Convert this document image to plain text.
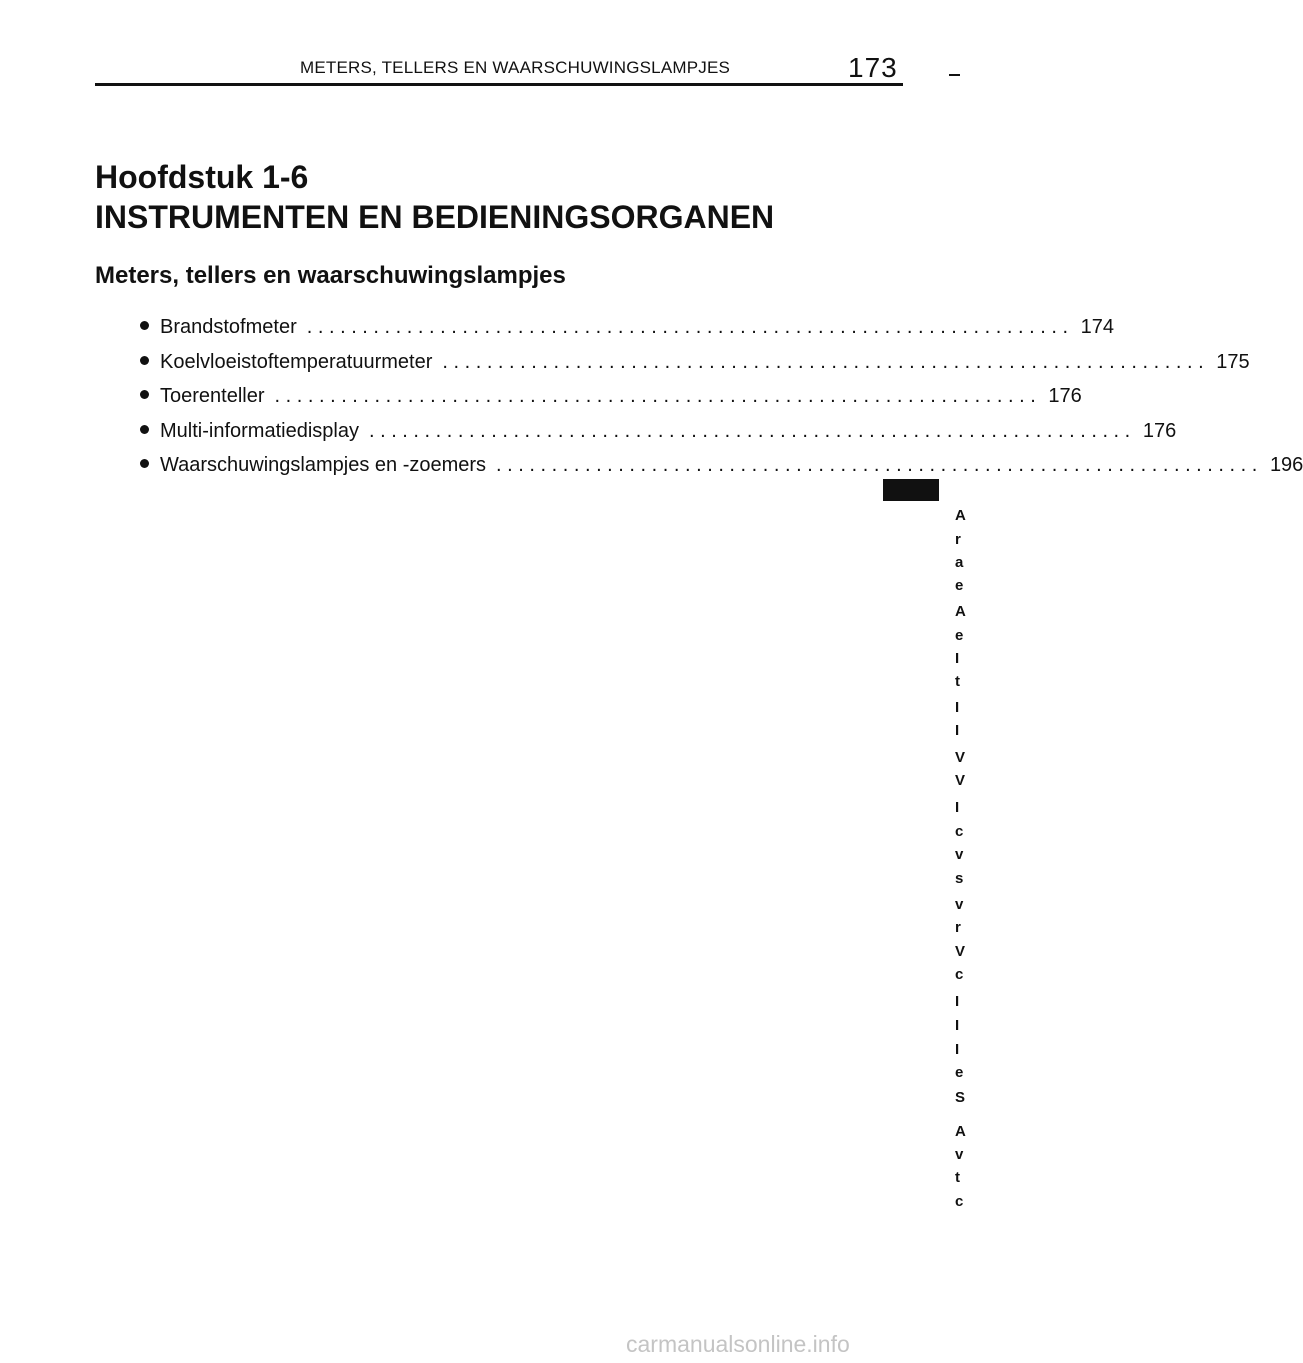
METERS, TELLERS EN WAARSCHUWINGSLAMPJES	173
Hoofdstuk 1-6
INSTRUMENTEN EN BEDIENINGSORGANEN
Meters, tellers en waarschuwingslampjes
Brandstofmeter . . .	174
Koelvloeistoftemperatuurmeter . . .	175
Toerenteller . . .	176
Multi-informatiedisplay . . .	176
Waarschuwingslampjes en -zoemers . . .	196
A
r
a
e
A
e
I
t
I
I
V
V
I
c
v
s
v
r
V
c
I
I
I
e
S
A
v
t
c
carmanualsonline.info
